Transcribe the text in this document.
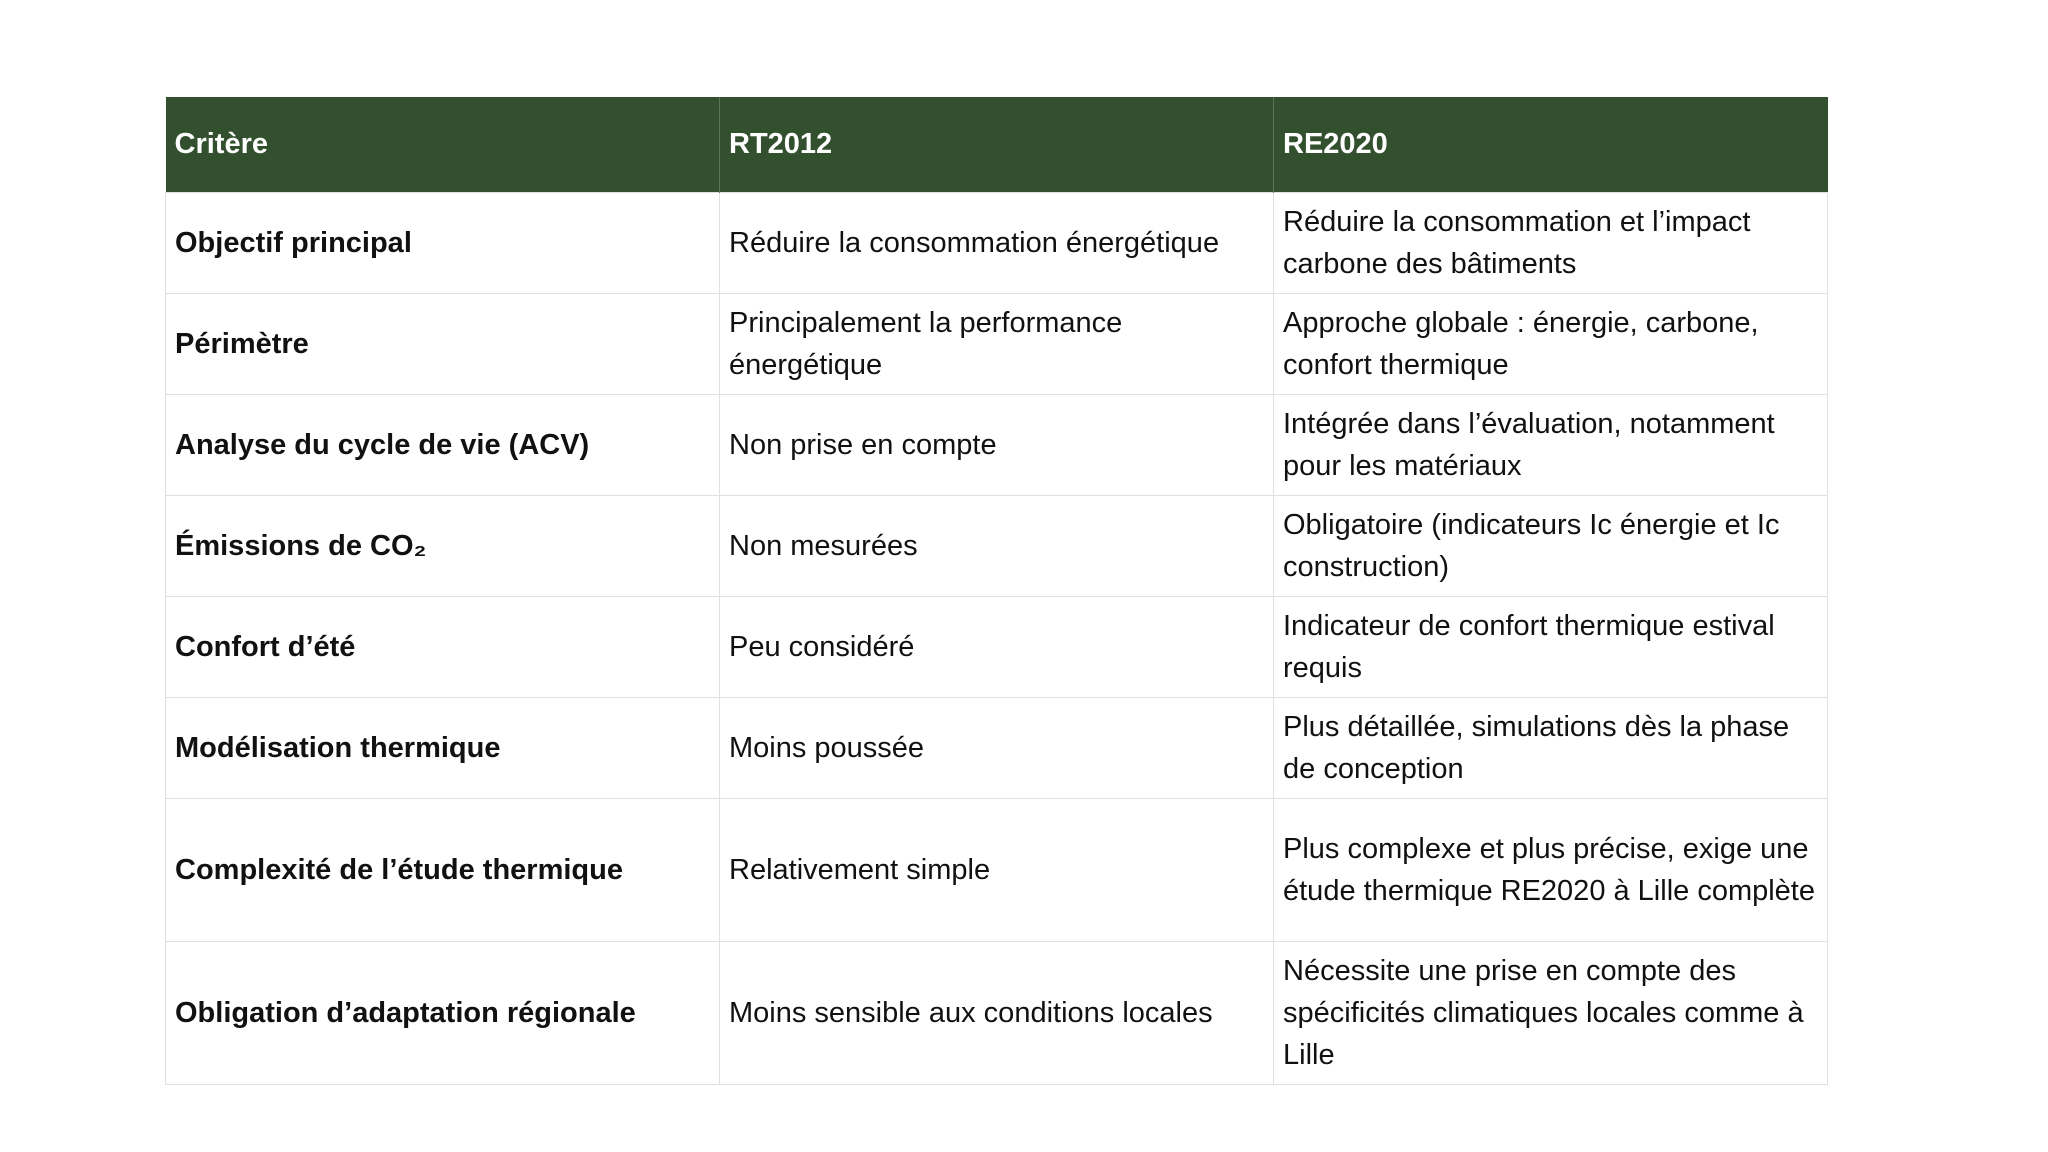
Critère	RT2012	RE2020
Objectif principal	Réduire la consommation énergétique	Réduire la consommation et l’impact carbone des bâtiments
Périmètre	Principalement la performance énergétique	Approche globale : énergie, carbone, confort thermique
Analyse du cycle de vie (ACV)	Non prise en compte	Intégrée dans l’évaluation, notamment pour les matériaux
Émissions de CO₂	Non mesurées	Obligatoire (indicateurs Ic énergie et Ic construction)
Confort d’été	Peu considéré	Indicateur de confort thermique estival requis
Modélisation thermique	Moins poussée	Plus détaillée, simulations dès la phase de conception
Complexité de l’étude thermique	Relativement simple	Plus complexe et plus précise, exige une étude thermique RE2020 à Lille complète
Obligation d’adaptation régionale	Moins sensible aux conditions locales	Nécessite une prise en compte des spécificités climatiques locales comme à Lille
